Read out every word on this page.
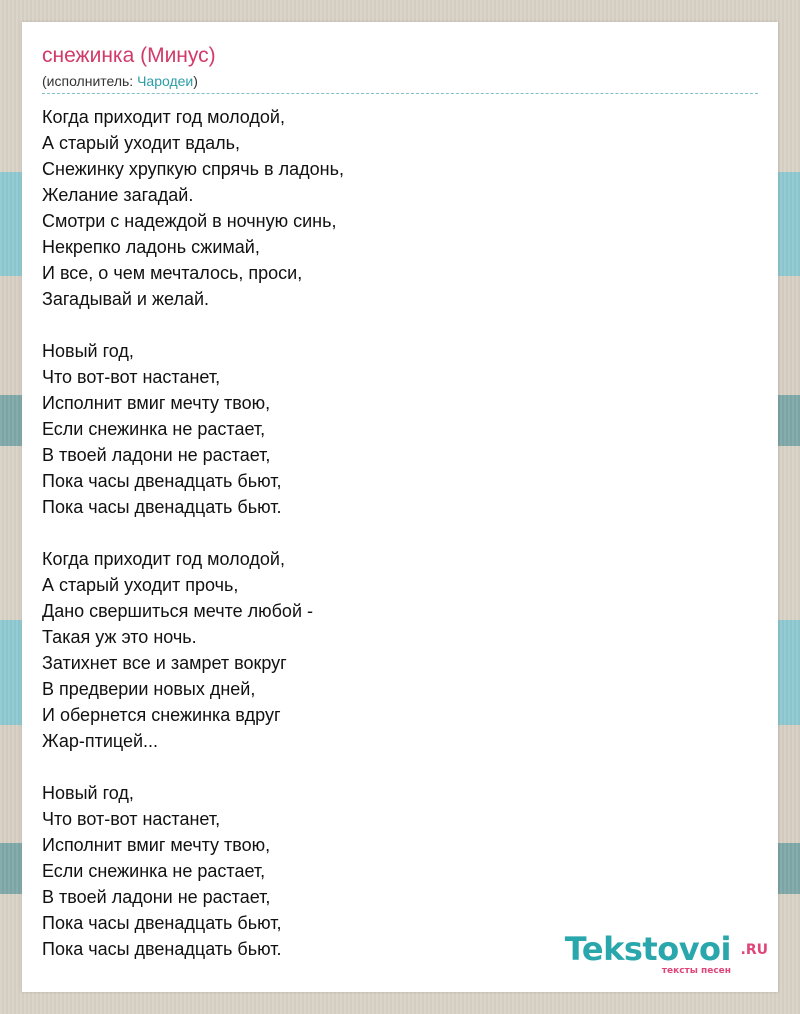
снежинка (Минус)
(исполнитель: Чародеи)
Когда приходит год молодой,
А старый уходит вдаль,
Снежинку хрупкую спрячь в ладонь,
Желание загадай.
Смотри с надеждой в ночную синь,
Некрепко ладонь сжимай,
И все, о чем мечталось, проси,
Загадывай и желай.
Новый год,
Что вот-вот настанет,
Исполнит вмиг мечту твою,
Если снежинка не растает,
В твоей ладони не растает,
Пока часы двенадцать бьют,
Пока часы двенадцать бьют.
Когда приходит год молодой,
А старый уходит прочь,
Дано свершиться мечте любой -
Такая уж это ночь.
Затихнет все и замрет вокруг
В предверии новых дней,
И обернется снежинка вдруг
Жар-птицей...
Новый год,
Что вот-вот настанет,
Исполнит вмиг мечту твою,
Если снежинка не растает,
В твоей ладони не растает,
Пока часы двенадцать бьют,
Пока часы двенадцать бьют.	Tekstovoi .RU
тексты песен
